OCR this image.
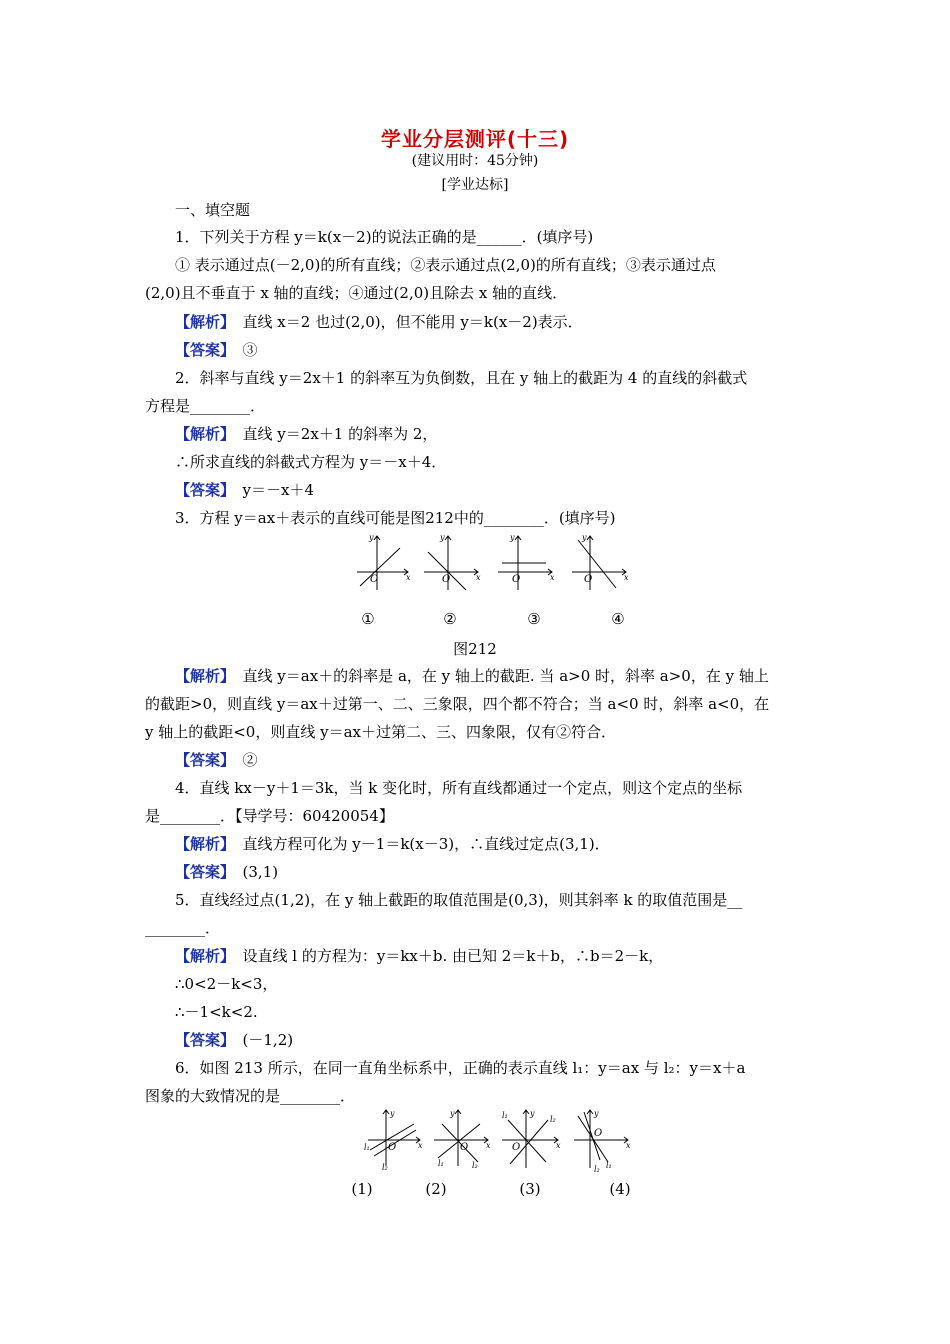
学业分层测评(十三)
(建议用时：45分钟)
[学业达标]
一、填空题
1．下列关于方程 y＝k(x－2)的说法正确的是______．(填序号)
① 表示通过点(－2,0)的所有直线；②表示通过点(2,0)的所有直线；③表示通过点
(2,0)且不垂直于 x 轴的直线；④通过(2,0)且除去 x 轴的直线．
【解析】　 直线 x＝2 也过(2,0)，但不能用 y＝k(x－2)表示．
【答案】　 ③
2．斜率与直线 y＝2x＋1 的斜率互为负倒数，且在 y 轴上的截距为 4 的直线的斜截式
方程是________．
【解析】　 直线 y＝2x＋1 的斜率为 2，
∴所求直线的斜截式方程为 y＝－x＋4．
【答案】　 y＝－x＋4
3．方程 y＝ax＋表示的直线可能是图212中的________．(填序号)
O	O	O	O
x	x	x	x
y	y	y	y
①	②	③	④
图212
【解析】　 直线 y＝ax＋的斜率是 a，在 y 轴上的截距. 当 a>0 时，斜率 a>0，在 y 轴上
的截距>0，则直线 y＝ax＋过第一、二、三象限，四个都不符合；当 a<0 时，斜率 a<0，在
y 轴上的截距<0，则直线 y＝ax＋过第二、三、四象限，仅有②符合．
【答案】　 ②
4．直线 kx－y＋1＝3k，当 k 变化时，所有直线都通过一个定点，则这个定点的坐标
是________．【导学号：60420054】
【解析】　 直线方程可化为 y－1＝k(x－3)，∴直线过定点(3,1)．
【答案】　 (3,1)
5．直线经过点(1,2)，在 y 轴上截距的取值范围是(0,3)，则其斜率 k 的取值范围是__
________．
【解析】　 设直线 l 的方程为：y＝kx＋b. 由已知 2＝k＋b，∴b＝2－k，
∴0<2－k<3，
∴－1<k<2.
【答案】　 (－1,2)
6．如图 213 所示，在同一直角坐标系中，正确的表示直线 l₁：y＝ax 与 l₂：y＝x＋a
图象的大致情况的是________．
O	O	O
O
x	x	x	x
y	y	y	y
l₁
l₂	l₁	l₂
l₁	l₂
l₂ l₁
(1)	(2)	(3)	(4)
